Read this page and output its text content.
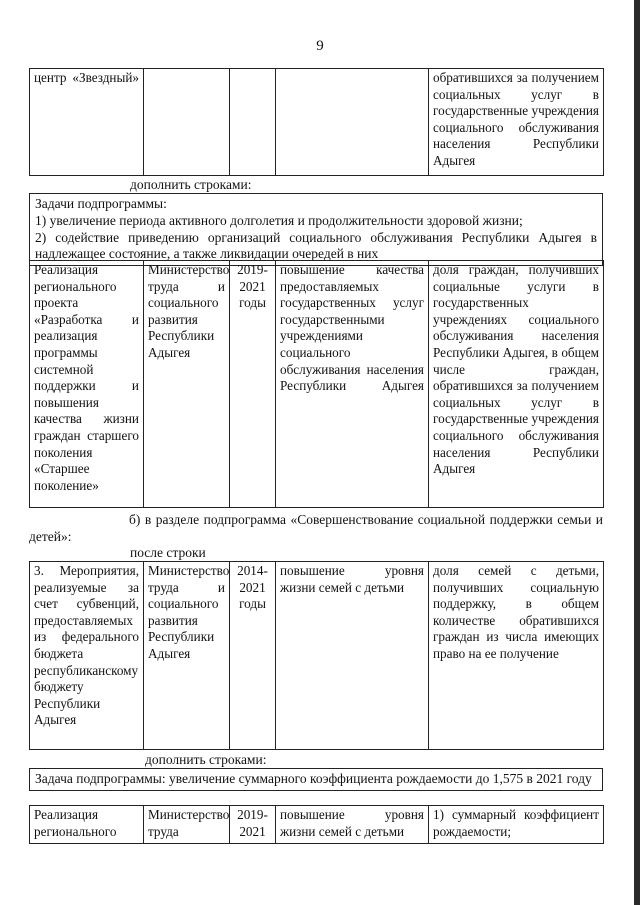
9
центр «Звездный»				обратившихся за получением социальных услуг в государственные учреждения социального обслуживания населения Республики Адыгея
дополнить строками:
Задачи подпрограммы:
1) увеличение периода активного долголетия и продолжительности здоровой жизни;
2) содействие приведению организаций социального обслуживания Республики Адыгея в надлежащее состояние, а также ликвидации очередей в них
Реализация регионального проекта «Разработка и реализация программы системной поддержки и повышения качества жизни граждан старшего поколения «Старшее поколение»	Министерство труда и социального развития Республики Адыгея	2019-2021 годы	повышение качества предоставляемых государственных услуг государственными учреждениями социального обслуживания населения Республики Адыгея	доля граждан, получивших социальные услуги в государственных учреждениях социального обслуживания населения Республики Адыгея, в общем числе граждан, обратившихся за получением социальных услуг в государственные учреждения социального обслуживания населения Республики Адыгея
б) в разделе подпрограмма «Совершенствование социальной поддержки семьи и детей»:
после строки
3. Мероприятия, реализуемые за счет субвенций, предоставляемых из федерального бюджета республиканскому бюджету Республики Адыгея	Министерство труда и социального развития Республики Адыгея	2014-2021 годы	повышение уровня жизни семей с детьми	доля семей с детьми, получивших социальную поддержку, в общем количестве обратившихся граждан из числа имеющих право на ее получение
дополнить строками:
Задача подпрограммы: увеличение суммарного коэффициента рождаемости до 1,575 в 2021 году
Реализация регионального	Министерство труда	2019-2021	повышение уровня жизни семей с детьми	1) суммарный коэффициент рождаемости;
